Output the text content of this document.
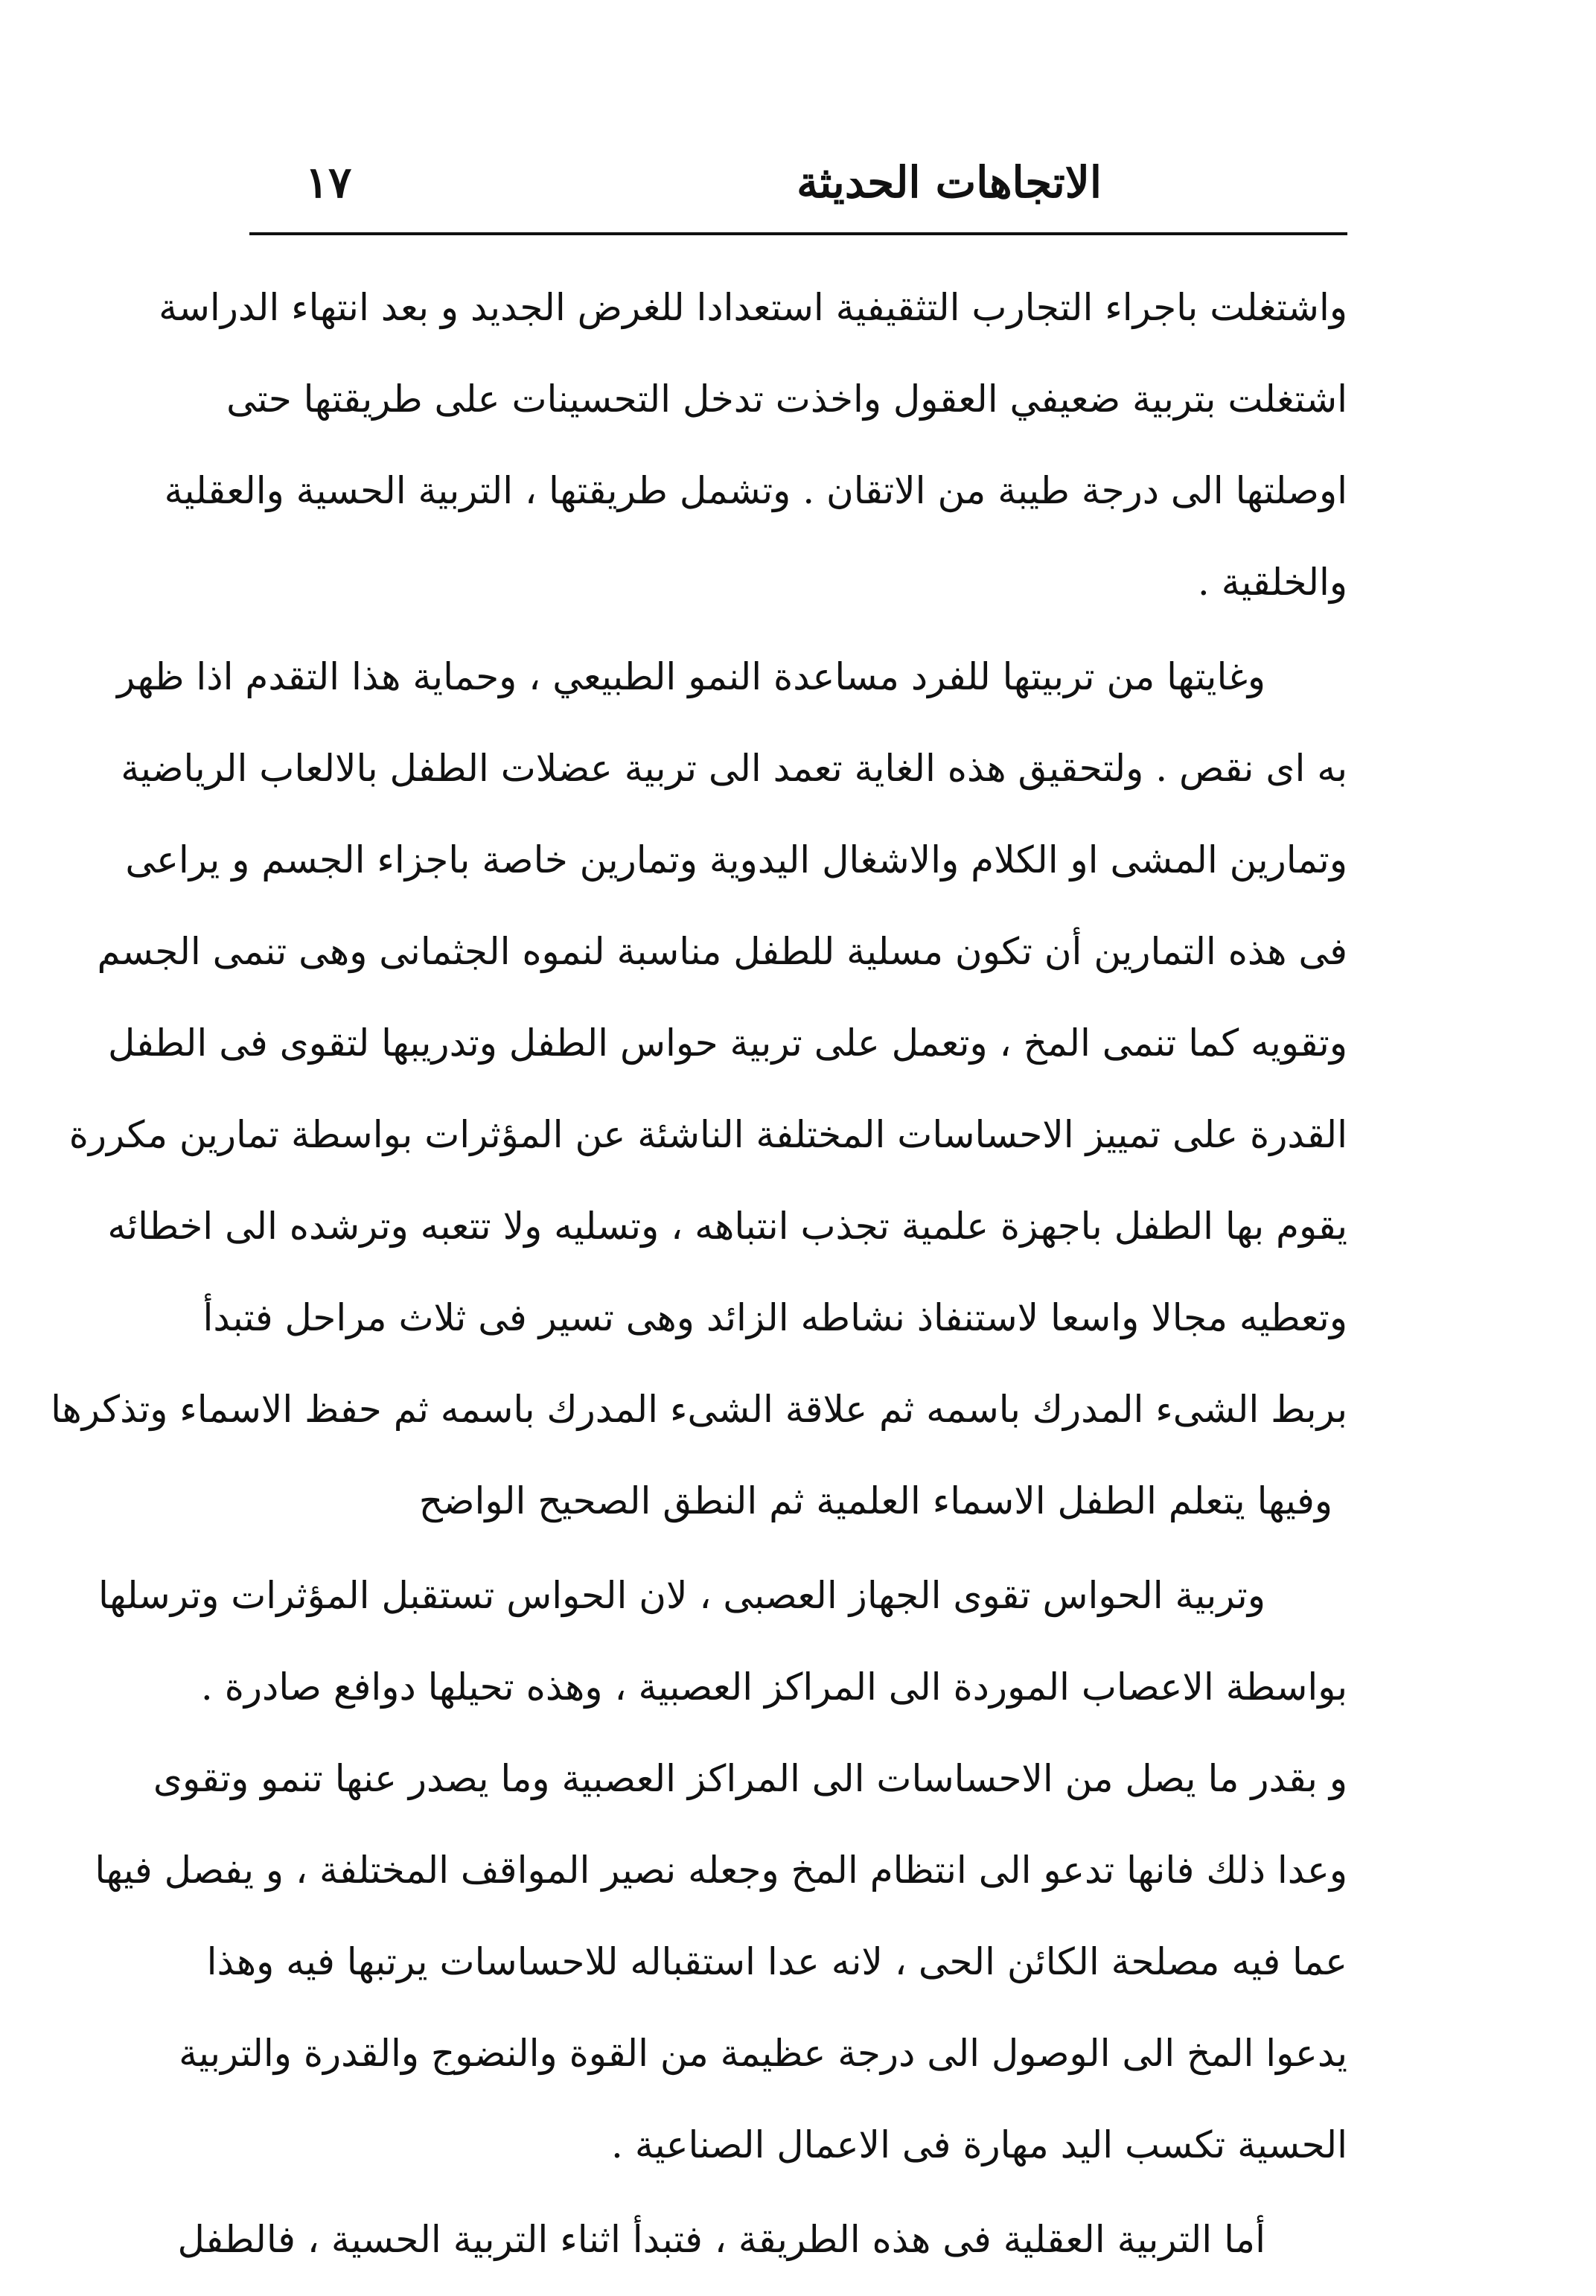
الاتجاهات الحديثة
١٧
واشتغلت باجراء التجارب التثقيفية استعدادا للغرض الجديد و بعد انتهاء الدراسة
اشتغلت بتربية ضعيفي العقول واخذت تدخل التحسينات على طريقتها حتى
اوصلتها الى درجة طيبة من الاتقان . وتشمل طريقتها ، التربية الحسية والعقلية
والخلقية .
وغايتها من تربيتها للفرد مساعدة النمو الطبيعي ، وحماية هذا التقدم اذا ظهر
به اى نقص . ولتحقيق هذه الغاية تعمد الى تربية عضلات الطفل بالالعاب الرياضية
وتمارين المشى او الكلام والاشغال اليدوية وتمارين خاصة باجزاء الجسم و يراعى
فى هذه التمارين أن تكون مسلية للطفل مناسبة لنموه الجثمانى وهى تنمى الجسم
وتقويه كما تنمى المخ ، وتعمل على تربية حواس الطفل وتدريبها لتقوى فى الطفل
القدرة على تمييز الاحساسات المختلفة الناشئة عن المؤثرات بواسطة تمارين مكررة
يقوم بها الطفل باجهزة علمية تجذب انتباهه ، وتسليه ولا تتعبه وترشده الى اخطائه
وتعطيه مجالا واسعا لاستنفاذ نشاطه الزائد وهى تسير فى ثلاث مراحل فتبدأ
بربط الشىء المدرك باسمه ثم علاقة الشىء المدرك باسمه ثم حفظ الاسماء وتذكرها
وفيها يتعلم الطفل الاسماء العلمية ثم النطق الصحيح الواضح
وتربية الحواس تقوى الجهاز العصبى ، لان الحواس تستقبل المؤثرات وترسلها
بواسطة الاعصاب الموردة الى المراكز العصبية ، وهذه تحيلها دوافع صادرة .
و بقدر ما يصل من الاحساسات الى المراكز العصبية وما يصدر عنها تنمو وتقوى
وعدا ذلك فانها تدعو الى انتظام المخ وجعله نصير المواقف المختلفة ، و يفصل فيها
عما فيه مصلحة الكائن الحى ، لانه عدا استقباله للاحساسات يرتبها فيه وهذا
يدعوا المخ الى الوصول الى درجة عظيمة من القوة والنضوج والقدرة والتربية
الحسية تكسب اليد مهارة فى الاعمال الصناعية .
أما التربية العقلية فى هذه الطريقة ، فتبدأ اثناء التربية الحسية ، فالطفل
